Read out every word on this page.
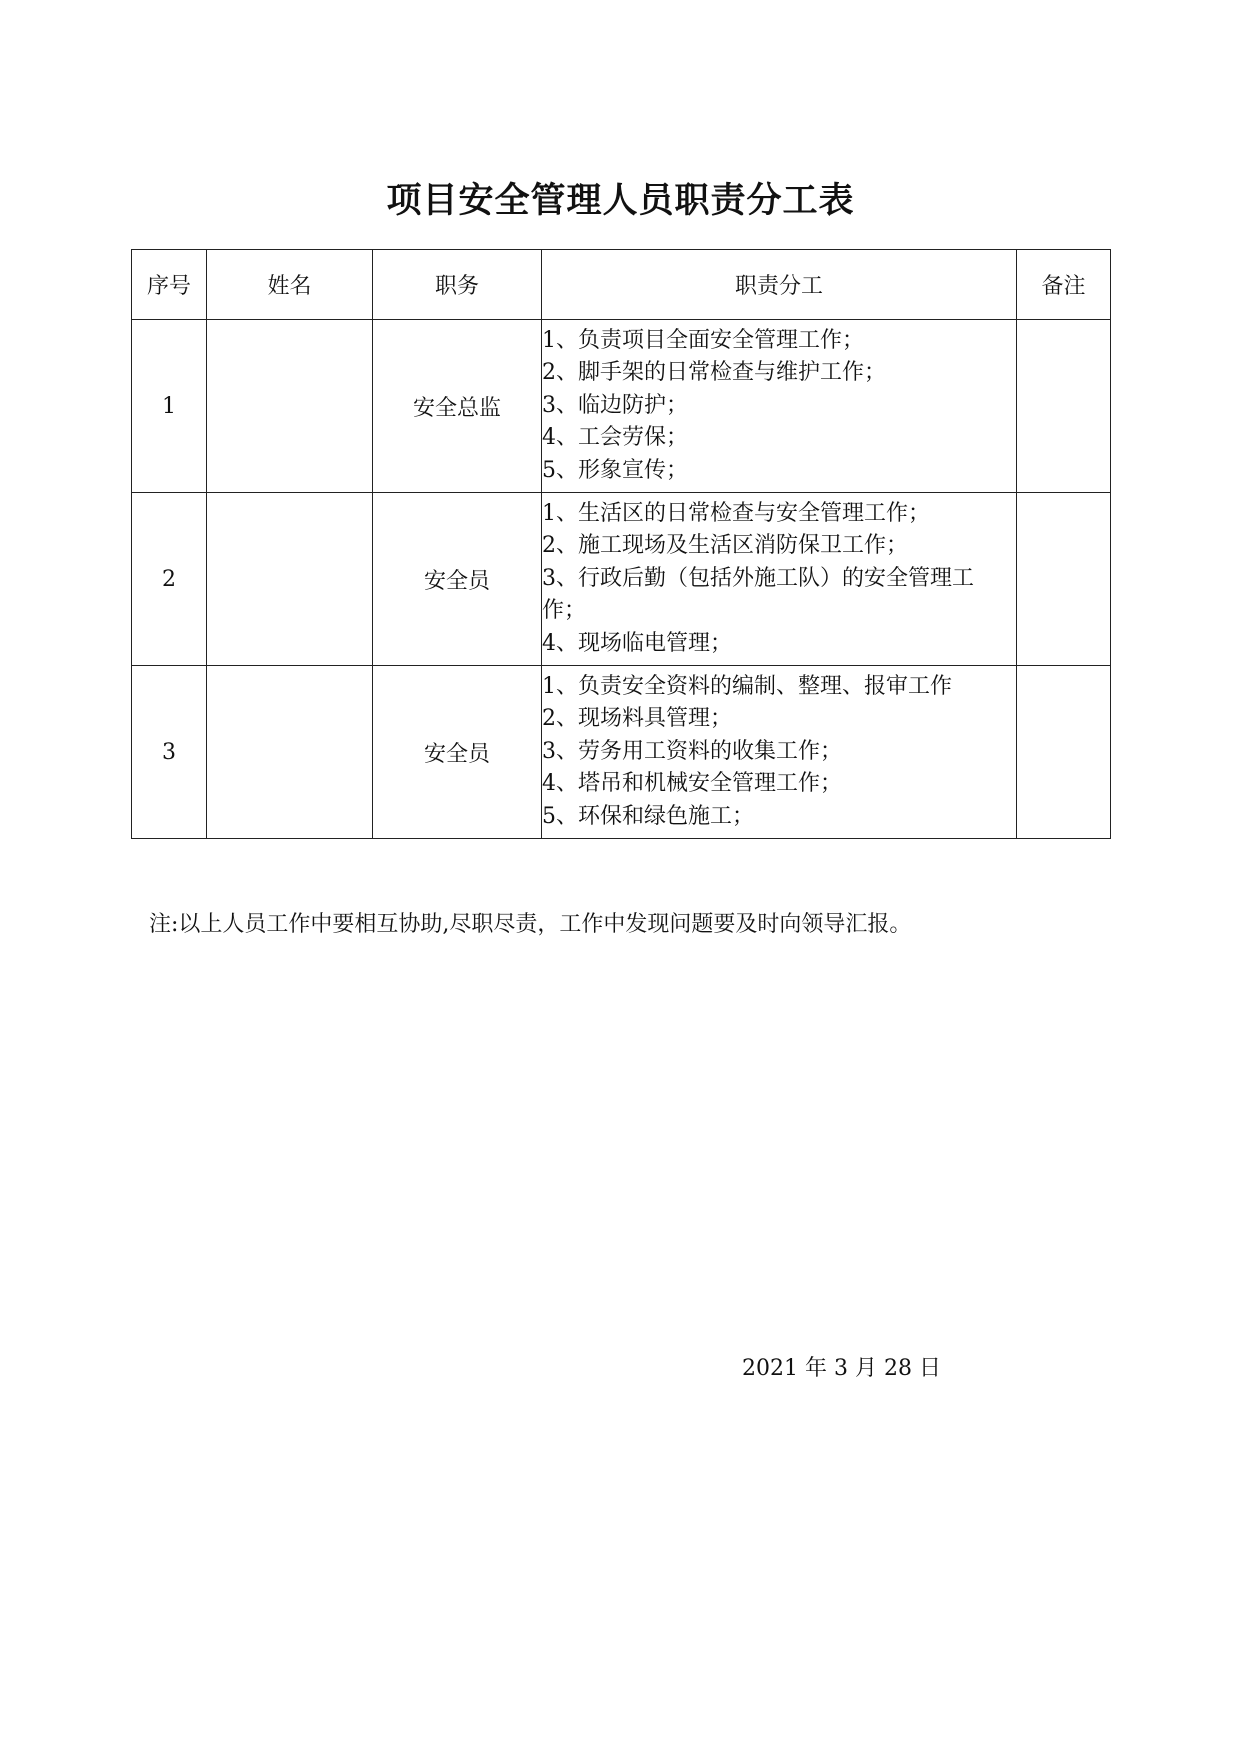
项目安全管理人员职责分工表
序号	姓名	职务	职责分工	备注
1		安全总监	1、负责项目全面安全管理工作；
2、脚手架的日常检查与维护工作；
3、临边防护；
4、工会劳保；
5、形象宣传；	

2		安全员	1、生活区的日常检查与安全管理工作；
2、施工现场及生活区消防保卫工作；
3、行政后勤（包括外施工队）的安全管理工作；
4、现场临电管理；	

3		安全员	1、负责安全资料的编制、整理、报审工作
2、现场料具管理；
3、劳务用工资料的收集工作；
4、塔吊和机械安全管理工作；
5、环保和绿色施工；	

注:以上人员工作中要相互协助,尽职尽责，工作中发现问题要及时向领导汇报。
2021 年 3 月 28 日
